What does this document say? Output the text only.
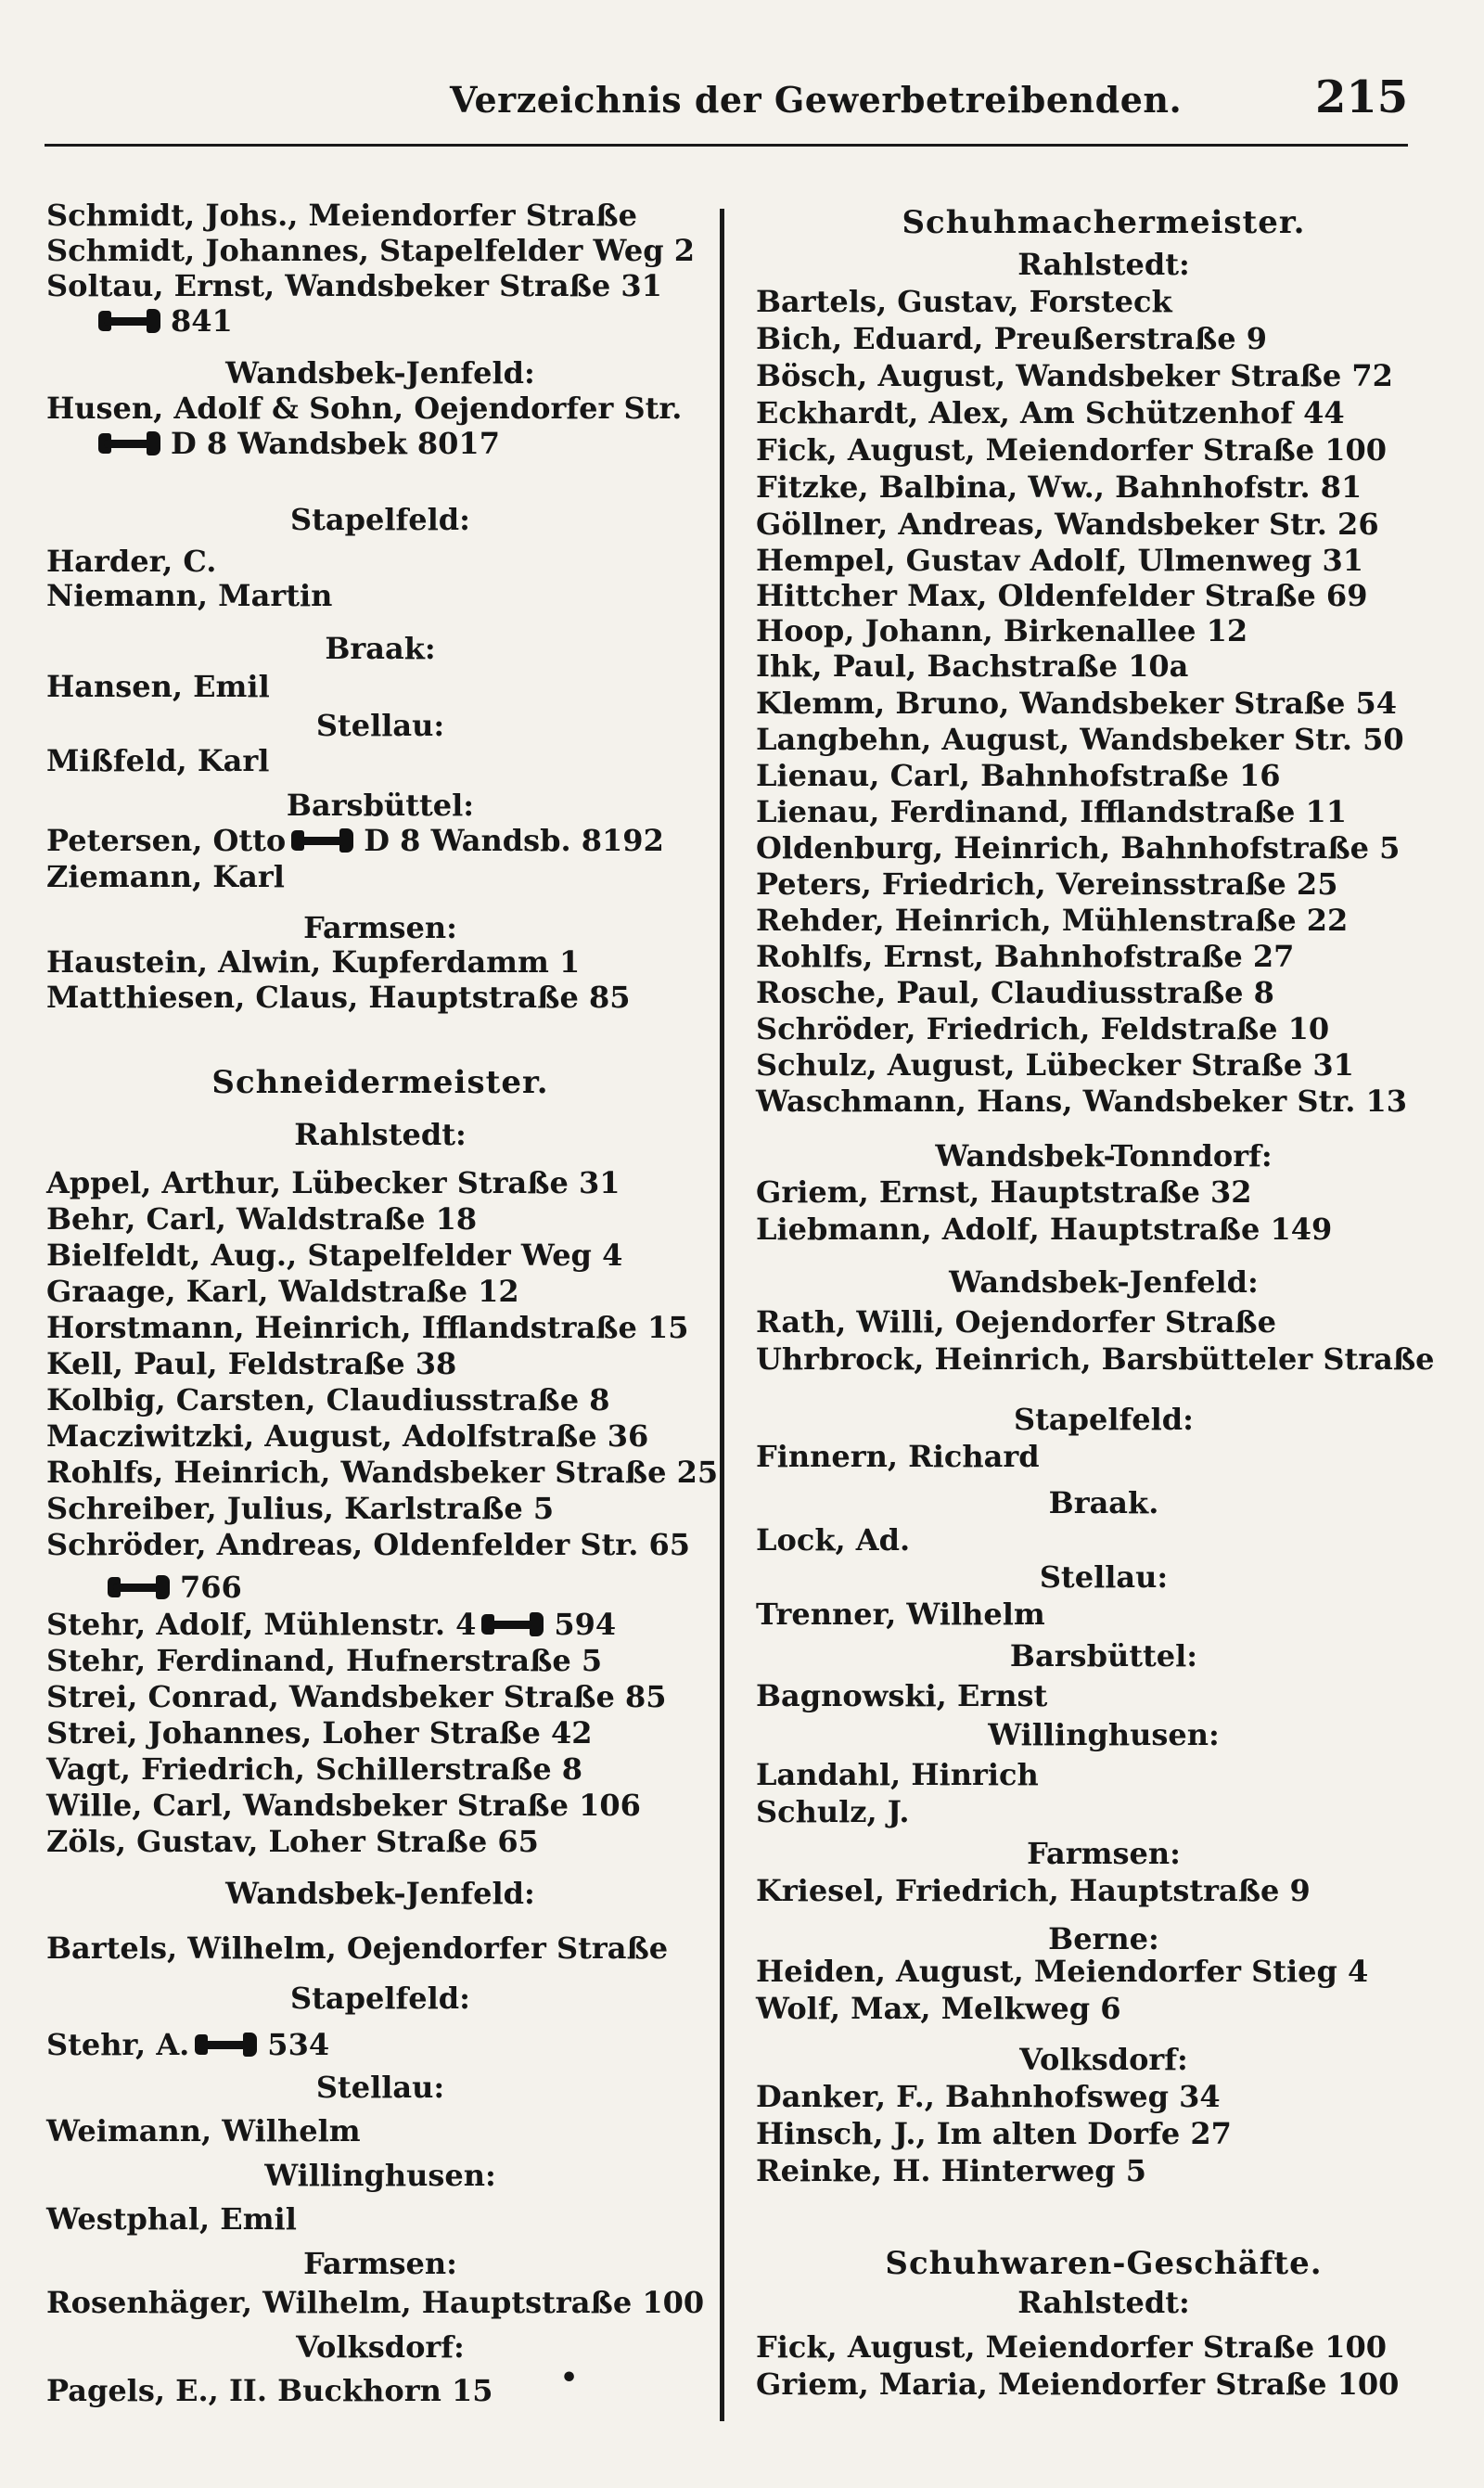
Verzeichnis der Gewerbetreibenden.	215
Schmidt, Johs., Meiendorfer Straße
Schmidt, Johannes, Stapelfelder Weg 2
Soltau, Ernst, Wandsbeker Straße 31
841
Wandsbek-Jenfeld:
Husen, Adolf & Sohn, Oejendorfer Str.
D 8 Wandsbek 8017
Stapelfeld:
Harder, C.
Niemann, Martin
Braak:
Hansen, Emil
Stellau:
Mißfeld, Karl
Barsbüttel:
Petersen, Otto	D 8 Wandsb. 8192
Ziemann, Karl
Farmsen:
Haustein, Alwin, Kupferdamm 1
Matthiesen, Claus, Hauptstraße 85
Schneidermeister.
Rahlstedt:
Appel, Arthur, Lübecker Straße 31
Behr, Carl, Waldstraße 18
Bielfeldt, Aug., Stapelfelder Weg 4
Graage, Karl, Waldstraße 12
Horstmann, Heinrich, Ifflandstraße 15
Kell, Paul, Feldstraße 38
Kolbig, Carsten, Claudiusstraße 8
Macziwitzki, August, Adolfstraße 36
Rohlfs, Heinrich, Wandsbeker Straße 25
Schreiber, Julius, Karlstraße 5
Schröder, Andreas, Oldenfelder Str. 65
766
Stehr, Adolf, Mühlenstr. 4	594
Stehr, Ferdinand, Hufnerstraße 5
Strei, Conrad, Wandsbeker Straße 85
Strei, Johannes, Loher Straße 42
Vagt, Friedrich, Schillerstraße 8
Wille, Carl, Wandsbeker Straße 106
Zöls, Gustav, Loher Straße 65
Wandsbek-Jenfeld:
Bartels, Wilhelm, Oejendorfer Straße
Stapelfeld:
Stehr, A.	534
Stellau:
Weimann, Wilhelm
Willinghusen:
Westphal, Emil
Farmsen:
Rosenhäger, Wilhelm, Hauptstraße 100
Volksdorf:
Pagels, E., II. Buckhorn 15 •
Schuhmachermeister.
Rahlstedt:
Bartels, Gustav, Forsteck
Bich, Eduard, Preußerstraße 9
Bösch, August, Wandsbeker Straße 72
Eckhardt, Alex, Am Schützenhof 44
Fick, August, Meiendorfer Straße 100
Fitzke, Balbina, Ww., Bahnhofstr. 81
Göllner, Andreas, Wandsbeker Str. 26
Hempel, Gustav Adolf, Ulmenweg 31
Hittcher Max, Oldenfelder Straße 69
Hoop, Johann, Birkenallee 12
Ihk, Paul, Bachstraße 10a
Klemm, Bruno, Wandsbeker Straße 54
Langbehn, August, Wandsbeker Str. 50
Lienau, Carl, Bahnhofstraße 16
Lienau, Ferdinand, Ifflandstraße 11
Oldenburg, Heinrich, Bahnhofstraße 5
Peters, Friedrich, Vereinsstraße 25
Rehder, Heinrich, Mühlenstraße 22
Rohlfs, Ernst, Bahnhofstraße 27
Rosche, Paul, Claudiusstraße 8
Schröder, Friedrich, Feldstraße 10
Schulz, August, Lübecker Straße 31
Waschmann, Hans, Wandsbeker Str. 13
Wandsbek-Tonndorf:
Griem, Ernst, Hauptstraße 32
Liebmann, Adolf, Hauptstraße 149
Wandsbek-Jenfeld:
Rath, Willi, Oejendorfer Straße
Uhrbrock, Heinrich, Barsbütteler Straße
Stapelfeld:
Finnern, Richard
Braak.
Lock, Ad.
Stellau:
Trenner, Wilhelm
Barsbüttel:
Bagnowski, Ernst
Willinghusen:
Landahl, Hinrich
Schulz, J.
Farmsen:
Kriesel, Friedrich, Hauptstraße 9
Berne:
Heiden, August, Meiendorfer Stieg 4
Wolf, Max, Melkweg 6
Volksdorf:
Danker, F., Bahnhofsweg 34
Hinsch, J., Im alten Dorfe 27
Reinke, H. Hinterweg 5
Schuhwaren-Geschäfte.
Rahlstedt:
Fick, August, Meiendorfer Straße 100
Griem, Maria, Meiendorfer Straße 100
